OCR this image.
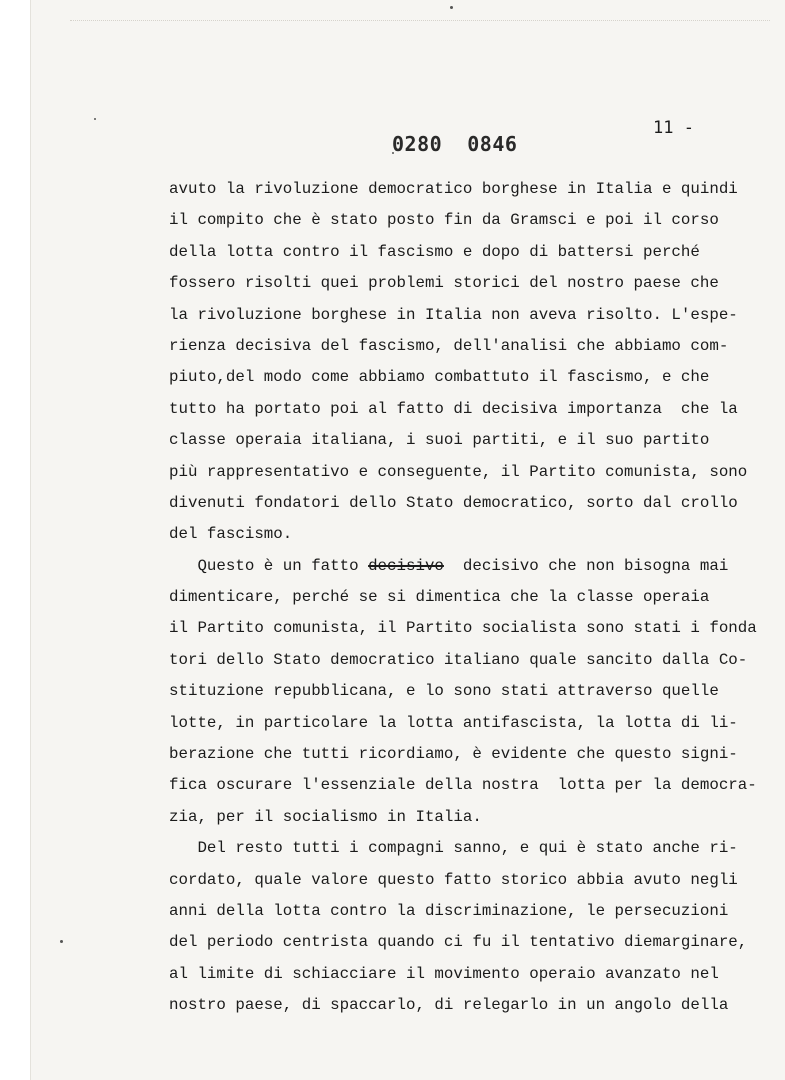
11 -

0280  0846

avuto la rivoluzione democratico borghese in Italia e quindi
il compito che è stato posto fin da Gramsci e poi il corso
della lotta contro il fascismo e dopo di battersi perché
fossero risolti quei problemi storici del nostro paese che
la rivoluzione borghese in Italia non aveva risolto. L'espe-
rienza decisiva del fascismo, dell'analisi che abbiamo com-
piuto,del modo come abbiamo combattuto il fascismo, e che
tutto ha portato poi al fatto di decisiva importanza  che la
classe operaia italiana, i suoi partiti, e il suo partito
più rappresentativo e conseguente, il Partito comunista, sono
divenuti fondatori dello Stato democratico, sorto dal crollo
del fascismo.
Questo è un fatto decisivo  decisivo che non bisogna mai
dimenticare, perché se si dimentica che la classe operaia
il Partito comunista, il Partito socialista sono stati i fonda
tori dello Stato democratico italiano quale sancito dalla Co-
stituzione repubblicana, e lo sono stati attraverso quelle
lotte, in particolare la lotta antifascista, la lotta di li-
berazione che tutti ricordiamo, è evidente che questo signi-
fica oscurare l'essenziale della nostra  lotta per la democra-
zia, per il socialismo in Italia.
Del resto tutti i compagni sanno, e qui è stato anche ri-
cordato, quale valore questo fatto storico abbia avuto negli
anni della lotta contro la discriminazione, le persecuzioni
del periodo centrista quando ci fu il tentativo diemarginare,
al limite di schiacciare il movimento operaio avanzato nel
nostro paese, di spaccarlo, di relegarlo in un angolo della
